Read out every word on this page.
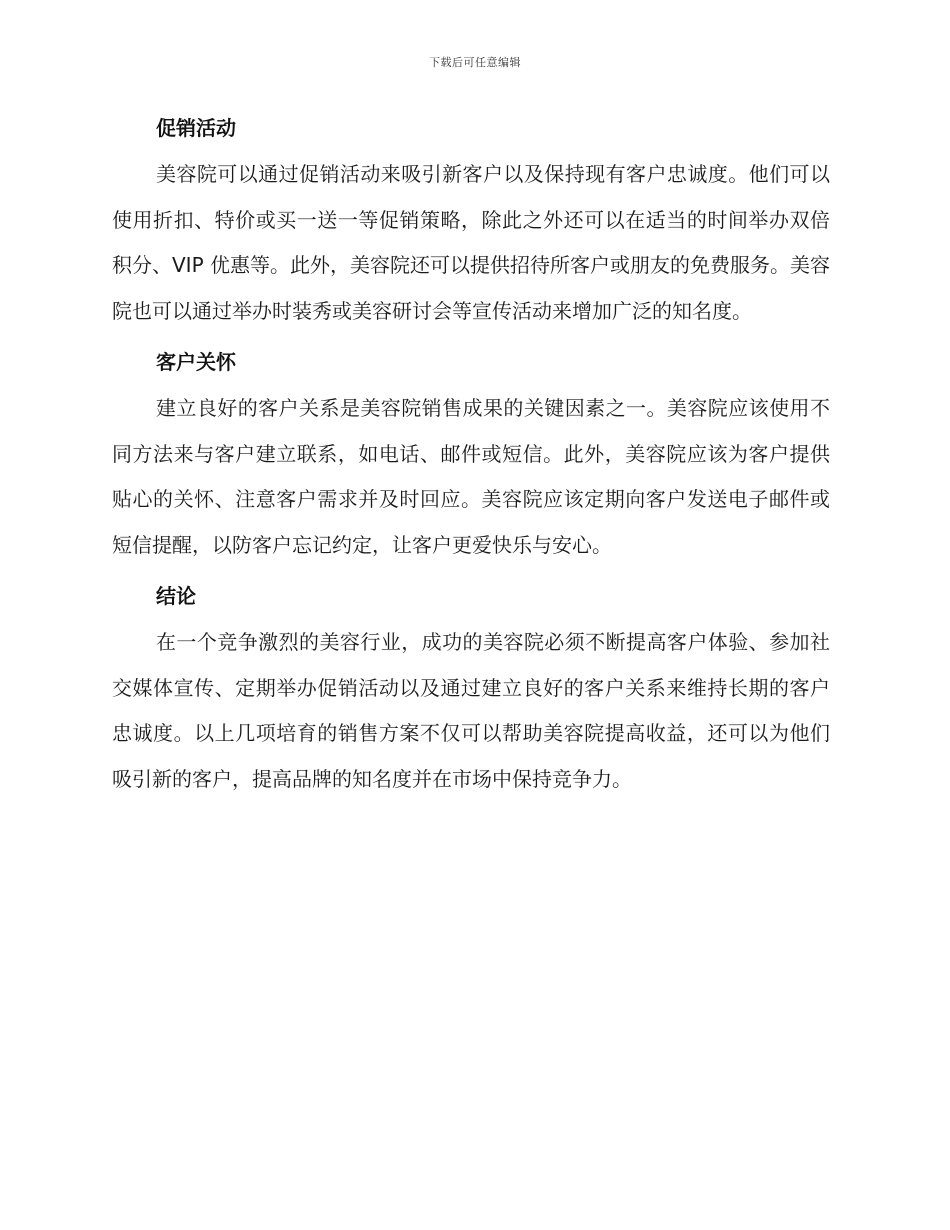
下载后可任意编辑
促销活动

美容院可以通过促销活动来吸引新客户以及保持现有客户忠诚度。他们可以使用折扣、特价或买一送一等促销策略，除此之外还可以在适当的时间举办双倍积分、VIP 优惠等。此外，美容院还可以提供招待所客户或朋友的免费服务。美容院也可以通过举办时装秀或美容研讨会等宣传活动来增加广泛的知名度。

客户关怀

建立良好的客户关系是美容院销售成果的关键因素之一。美容院应该使用不同方法来与客户建立联系，如电话、邮件或短信。此外，美容院应该为客户提供贴心的关怀、注意客户需求并及时回应。美容院应该定期向客户发送电子邮件或短信提醒，以防客户忘记约定，让客户更爱快乐与安心。

结论

在一个竞争激烈的美容行业，成功的美容院必须不断提高客户体验、参加社交媒体宣传、定期举办促销活动以及通过建立良好的客户关系来维持长期的客户忠诚度。以上几项培育的销售方案不仅可以帮助美容院提高收益，还可以为他们吸引新的客户，提高品牌的知名度并在市场中保持竞争力。
